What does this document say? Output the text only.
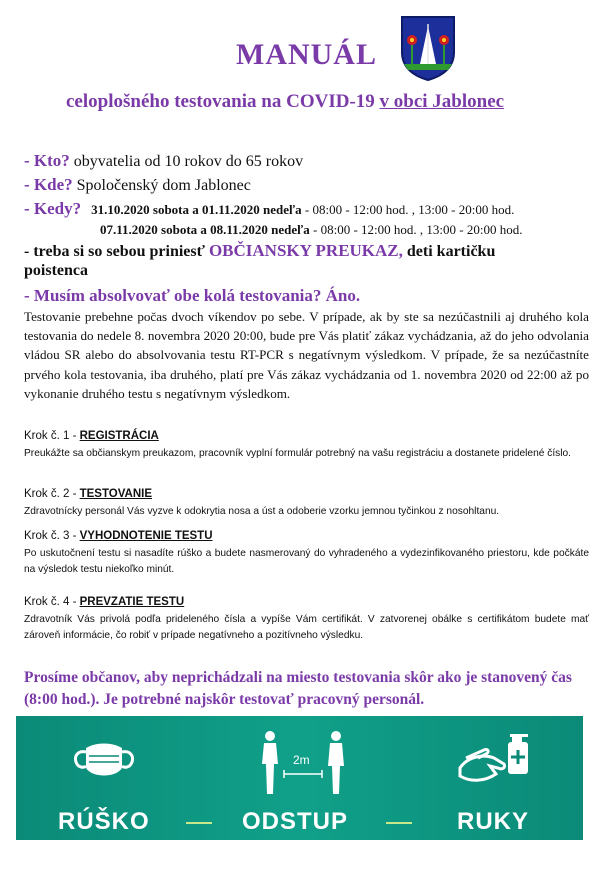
MANUÁL
celoplošného testovania na COVID-19 v obci Jablonec
- Kto? obyvatelia od 10 rokov do 65 rokov
- Kde? Spoločenský dom Jablonec
- Kedy? 31.10.2020 sobota a 01.11.2020 nedeľa - 08:00 - 12:00 hod. , 13:00 - 20:00 hod.
07.11.2020 sobota a 08.11.2020 nedeľa - 08:00 - 12:00 hod. , 13:00 - 20:00 hod.
- treba si so sebou priniesť OBČIANSKY PREUKAZ, deti kartičku
poistenca
- Musím absolvovať obe kolá testovania? Áno.
Testovanie prebehne počas dvoch víkendov po sebe. V prípade, ak by ste sa nezúčastnili aj druhého kola testovania do nedele 8. novembra 2020 20:00, bude pre Vás platiť zákaz vychádzania, až do jeho odvolania vládou SR alebo do absolvovania testu RT-PCR s negatívnym výsledkom. V prípade, že sa nezúčastníte prvého kola testovania, iba druhého, platí pre Vás zákaz vychádzania od 1. novembra 2020 od 22:00 až po vykonanie druhého testu s negatívnym výsledkom.
Krok č. 1 - REGISTRÁCIA
Preukážte sa občianskym preukazom, pracovník vyplní formulár potrebný na vašu registráciu a dostanete pridelené číslo.
Krok č. 2 - TESTOVANIE
Zdravotnícky personál Vás vyzve k odokrytia nosa a úst a odoberie vzorku jemnou tyčinkou z nosohltanu.
Krok č. 3 - VYHODNOTENIE TESTU
Po uskutočnení testu si nasadíte rúško a budete nasmerovaný do vyhradeného a vydezinfikovaného priestoru, kde počkáte na výsledok testu niekoľko minút.
Krok č. 4 - PREVZATIE TESTU
Zdravotník Vás privolá podľa prideleného čísla a vypíše Vám certifikát. V zatvorenej obálke s certifikátom budete mať zároveň informácie, čo robiť v prípade negatívneho a pozitívneho výsledku.
Prosíme občanov, aby neprichádzali na miesto testovania skôr ako je stanovený čas (8:00 hod.). Je potrebné najskôr testovať pracovný personál.
RÚŠKO
2m
ODSTUP	RUKY
